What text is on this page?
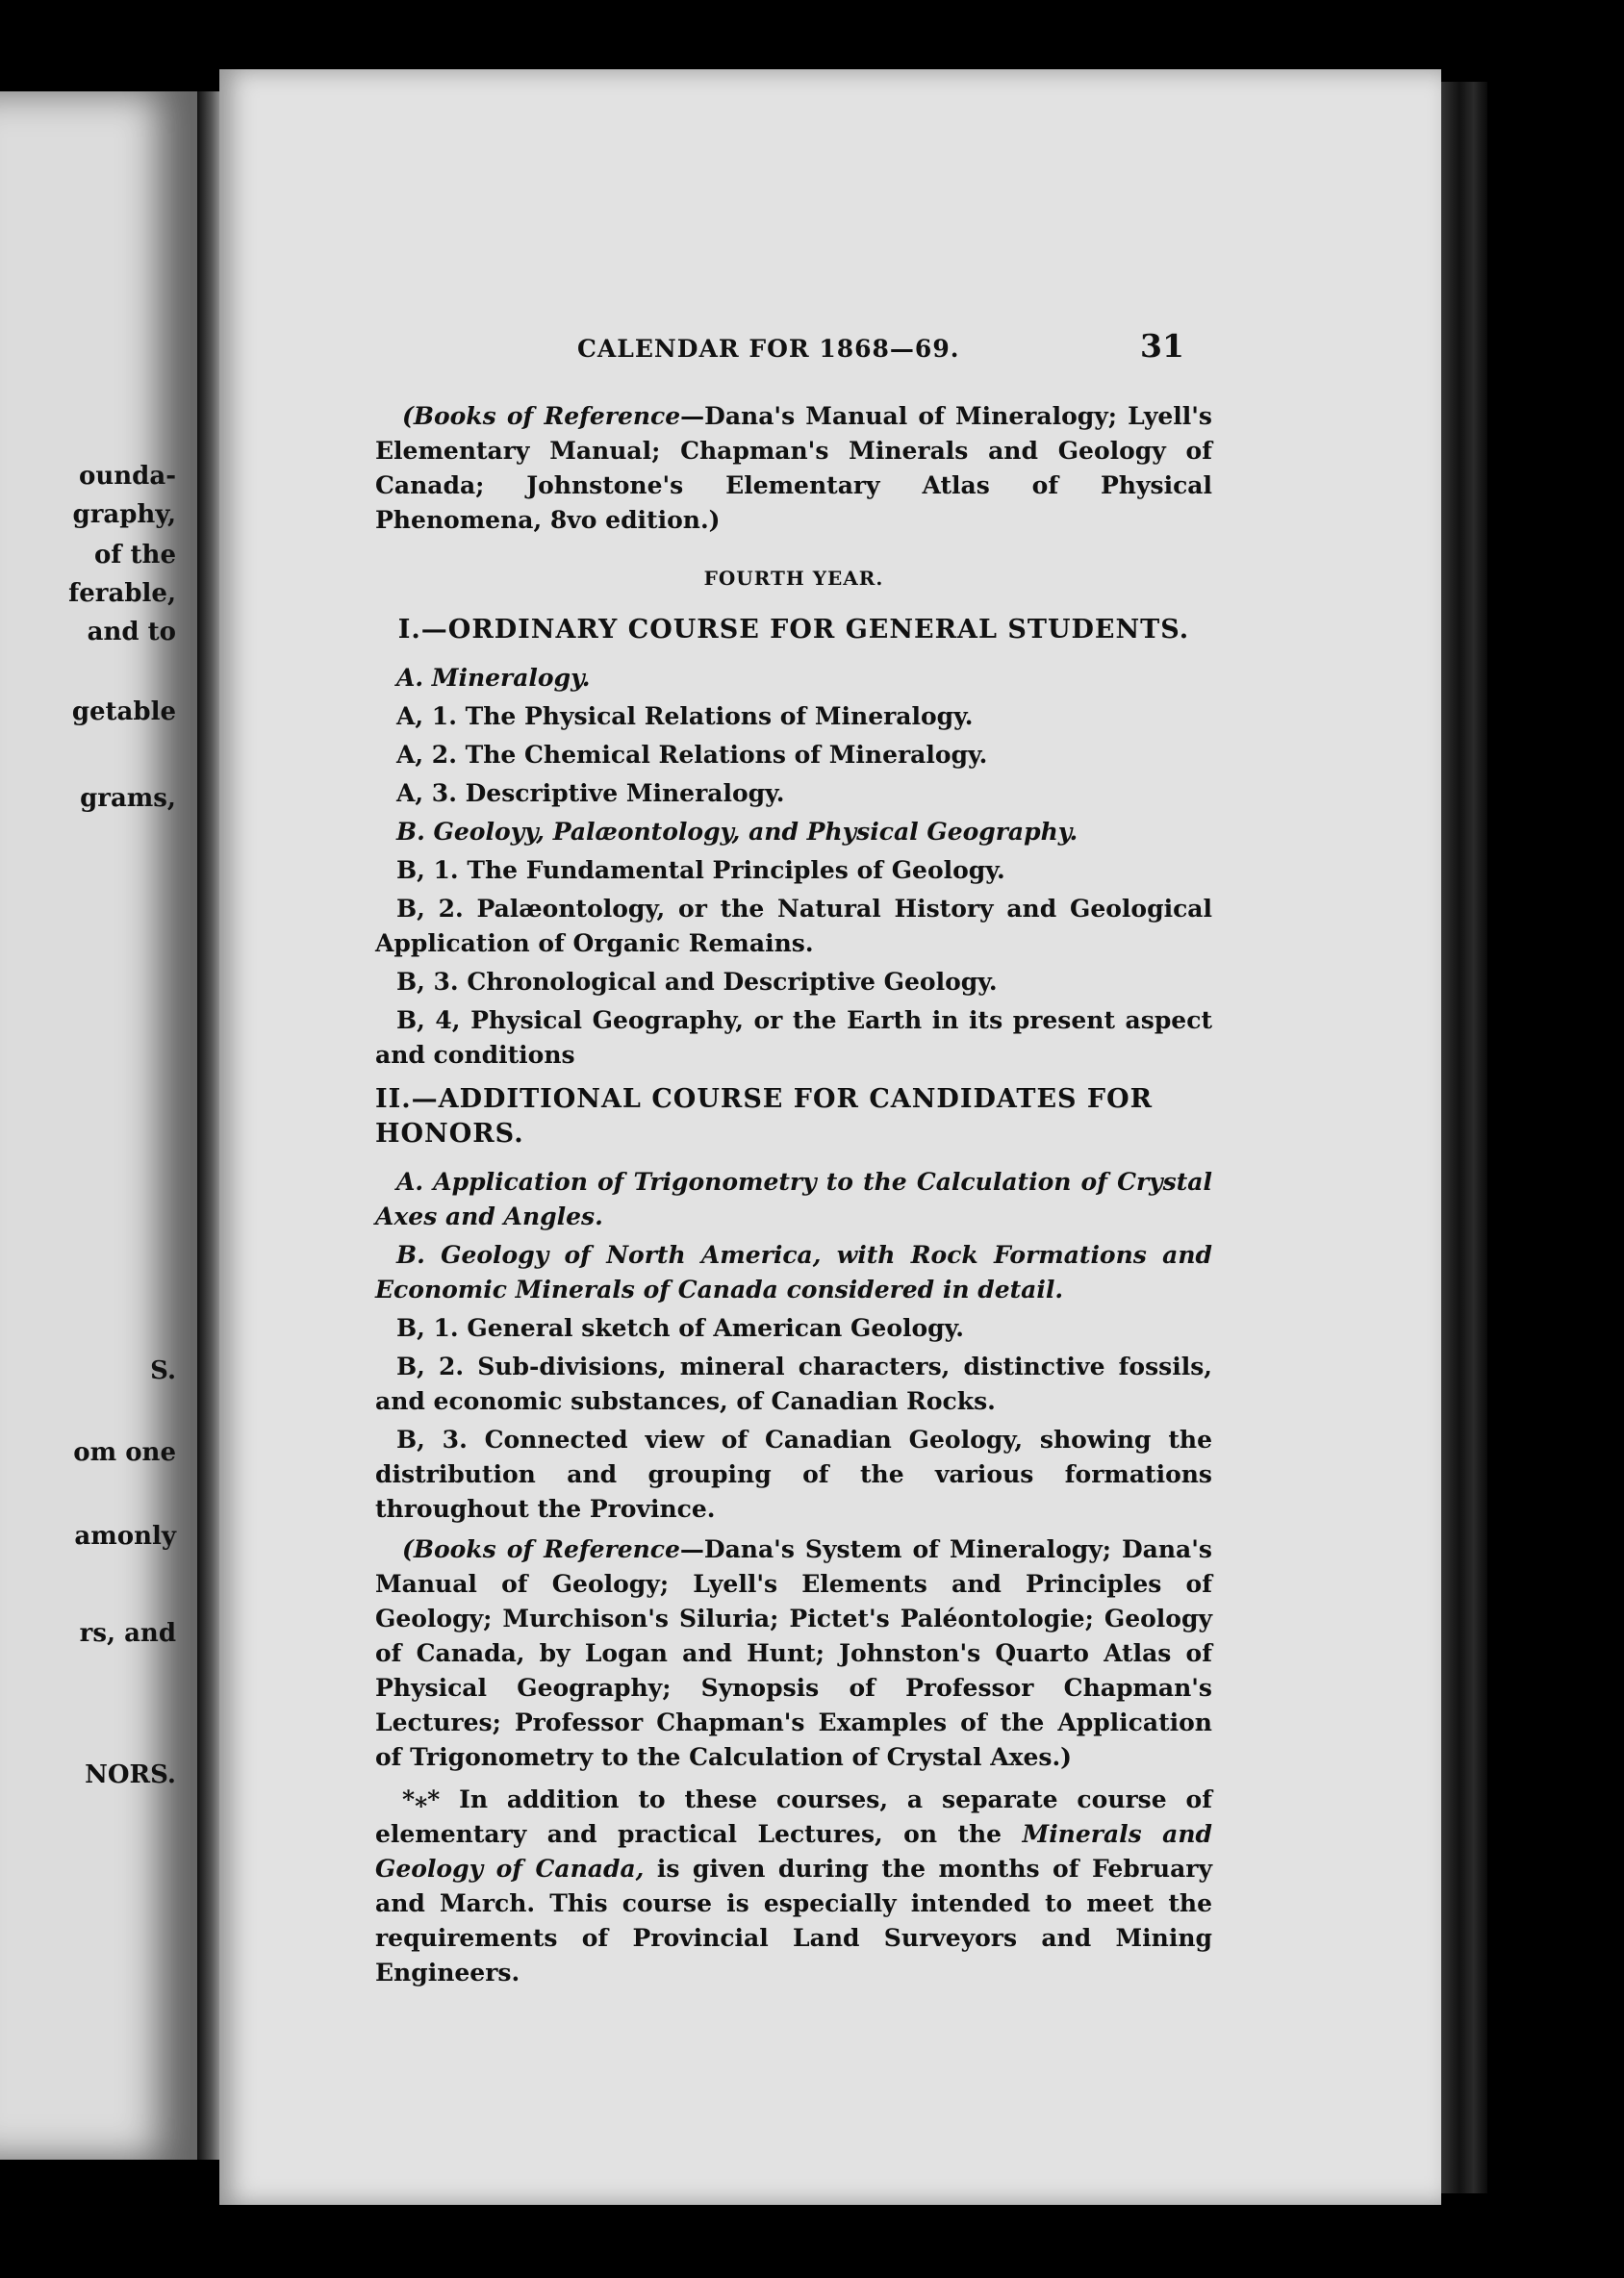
ounda-
graphy,
of the
ferable,
and to
getable
grams,
S.
om one
amonly
rs, and
NORS.
CALENDAR FOR 1868—69.	31

(Books of Reference—Dana's Manual of Mineralogy; Lyell's Elementary Manual; Chapman's Minerals and Geology of Canada; Johnstone's Elementary Atlas of Physical Phenomena, 8vo edition.)

FOURTH YEAR.
I.—ORDINARY COURSE FOR GENERAL STUDENTS.
A. Mineralogy.
A, 1. The Physical Relations of Mineralogy.
A, 2. The Chemical Relations of Mineralogy.
A, 3. Descriptive Mineralogy.
B. Geoloyy, Palæontology, and Physical Geography.
B, 1. The Fundamental Principles of Geology.
B, 2. Palæontology, or the Natural History and Geological Application of Organic Remains.
B, 3. Chronological and Descriptive Geology.
B, 4, Physical Geography, or the Earth in its present aspect and conditions
II.—ADDITIONAL COURSE FOR CANDIDATES FOR HONORS.
A. Application of Trigonometry to the Calculation of Crystal Axes and Angles.
B. Geology of North America, with Rock Formations and Economic Minerals of Canada considered in detail.
B, 1. General sketch of American Geology.
B, 2. Sub-divisions, mineral characters, distinctive fossils, and economic substances, of Canadian Rocks.
B, 3. Connected view of Canadian Geology, showing the distribution and grouping of the various formations throughout the Province.

(Books of Reference—Dana's System of Mineralogy; Dana's Manual of Geology; Lyell's Elements and Principles of Geology; Murchison's Siluria; Pictet's Paléontologie; Geology of Canada, by Logan and Hunt; Johnston's Quarto Atlas of Physical Geography; Synopsis of Professor Chapman's Lectures; Professor Chapman's Examples of the Application of Trigonometry to the Calculation of Crystal Axes.)

*⁎* In addition to these courses, a separate course of elementary and practical Lectures, on the Minerals and Geology of Canada, is given during the months of February and March. This course is especially intended to meet the requirements of Provincial Land Surveyors and Mining Engineers.
